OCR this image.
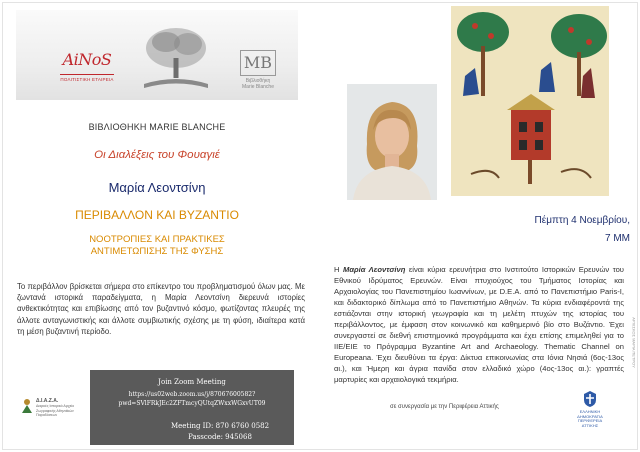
AiNoS
ΠΟΛΙΤΙΣΤΙΚΗ ΕΤΑΙΡΕΙΑ
MB
Βιβλιοθήκη
Marie Blanche
ΒΙΒΛΙΟΘΗΚΗ MARIE BLANCHE
Οι Διαλέξεις του Φουαγιέ
Μαρία Λεοντσίνη
ΠΕΡΙΒΑΛΛΟΝ ΚΑΙ ΒΥΖΑΝΤΙΟ
ΝΟΟΤΡΟΠΙΕΣ ΚΑΙ ΠΡΑΚΤΙΚΕΣ
ΑΝΤΙΜΕΤΩΠΙΣΗΣ ΤΗΣ ΦΥΣΗΣ

Το περιβάλλον βρίσκεται σήμερα στο επίκεντρο του προβληματισμού όλων μας. Με ζωντανά ιστορικά παραδείγματα, η Μαρία Λεοντσίνη διερευνά ιστορίες ανθεκτικότητας και επιβίωσης από τον βυζαντινό κόσμο, φωτίζοντας πλευρές της άλλοτε ανταγωνιστικής και άλλοτε συμβιωτικής σχέσης με τη φύση, ιδιαίτερα κατά τη μέση βυζαντινή περίοδο.

Join Zoom Meeting
https://us02web.zoom.us/j/87067600582?
pwd=SVlFRkJEc2ZFTmcyQUtqZWxxWGxvUT09
Meeting ID: 870 6760 0582
Passcode: 945068
Δ.Ι.Α.Ζ.Α.
Διαρκές Ιστορικό Αρχείο Ζωγραφικής Αθηναϊκών Παραδόσεων
Πέμπτη 4 Νοεμβρίου,
7 ΜΜ

Η Μαρία Λεοντσίνη είναι κύρια ερευνήτρια στο Ινστιτούτο Ιστορικών Ερευνών του Εθνικού Ιδρύματος Ερευνών. Είναι πτυχιούχος του Τμήματος Ιστορίας και Αρχαιολογίας του Πανεπιστημίου Ιωαννίνων, με D.E.A. από το Πανεπιστήμιο Paris-I, και διδακτορικό δίπλωμα από το Πανεπιστήμιο Αθηνών. Τα κύρια ενδιαφέροντά της εστιάζονται στην ιστορική γεωγραφία και τη μελέτη πτυχών της ιστορίας του περιβάλλοντος, με έμφαση στον κοινωνικό και καθημερινό βίο στο Βυζάντιο. Έχει συνεργαστεί σε διεθνή επιστημονικά προγράμματα και έχει επίσης επιμεληθεί για το ΙΙΕ/ΕΙΕ το Πρόγραμμα Byzantine Art and Archaeology. Thematic Channel on Europeana. Έχει διευθύνει τα έργα: Δίκτυα επικοινωνίας στα Ιόνια Νησιά (6ος-13ος αι.), και Ήμερη και άγρια πανίδα στον ελλαδικό χώρο (4ος-13ος αι.): γραπτές μαρτυρίες και αρχαιολογικά τεκμήρια.

σε συνεργασία με την Περιφέρεια Αττικής
ΕΛΛΗΝΙΚΗ ΔΗΜΟΚΡΑΤΙΑ
ΠΕΡΙΦΕΡΕΙΑ ΑΤΤΙΚΗΣ
ΑΡΧΙΣΚΟΣ ΜΑΡΙΑ ΠΕΤΡΟΥ
